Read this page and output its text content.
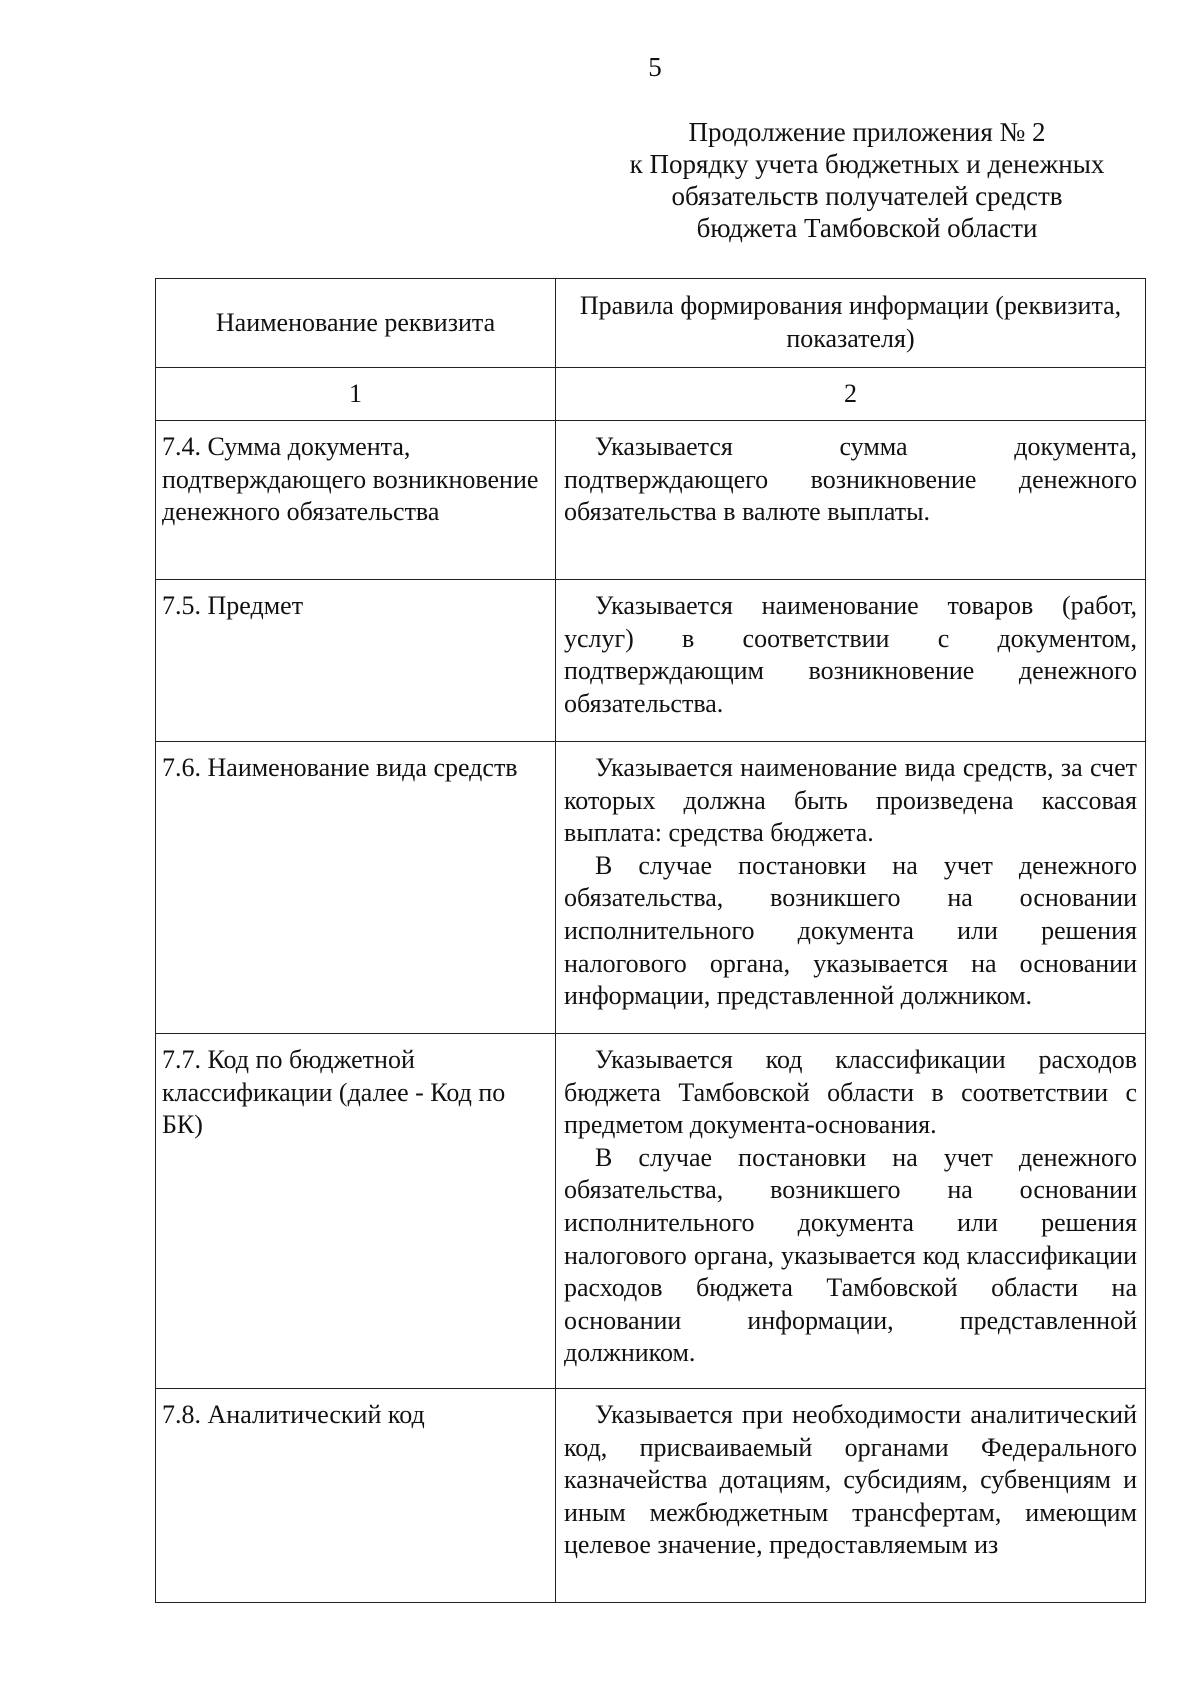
5
Продолжение приложения № 2
к Порядку учета бюджетных и денежных
обязательств получателей средств
бюджета Тамбовской области
Наименование реквизита	Правила формирования информации (реквизита, показателя)
1	2
7.4. Сумма документа, подтверждающего возникновение денежного обязательства	Указывается сумма документа, подтверждающего возникновение денежного обязательства в валюте выплаты.

7.5. Предмет	Указывается наименование товаров (работ, услуг) в соответствии с документом, подтверждающим возникновение денежного обязательства.

7.6. Наименование вида средств	Указывается наименование вида средств, за счет которых должна быть произведена кассовая выплата: средства бюджета.
В случае постановки на учет денежного обязательства, возникшего на основании исполнительного документа или решения налогового органа, указывается на основании информации, представленной должником.

7.7. Код по бюджетной классификации (далее - Код по БК)	Указывается код классификации расходов бюджета Тамбовской области в соответствии с предметом документа-основания.
В случае постановки на учет денежного обязательства, возникшего на основании исполнительного документа или решения налогового органа, указывается код классификации расходов бюджета Тамбовской области на основании информации, представленной должником.

7.8. Аналитический код	Указывается при необходимости аналитический код, присваиваемый органами Федерального казначейства дотациям, субсидиям, субвенциям и иным межбюджетным трансфертам, имеющим целевое значение, предоставляемым из
